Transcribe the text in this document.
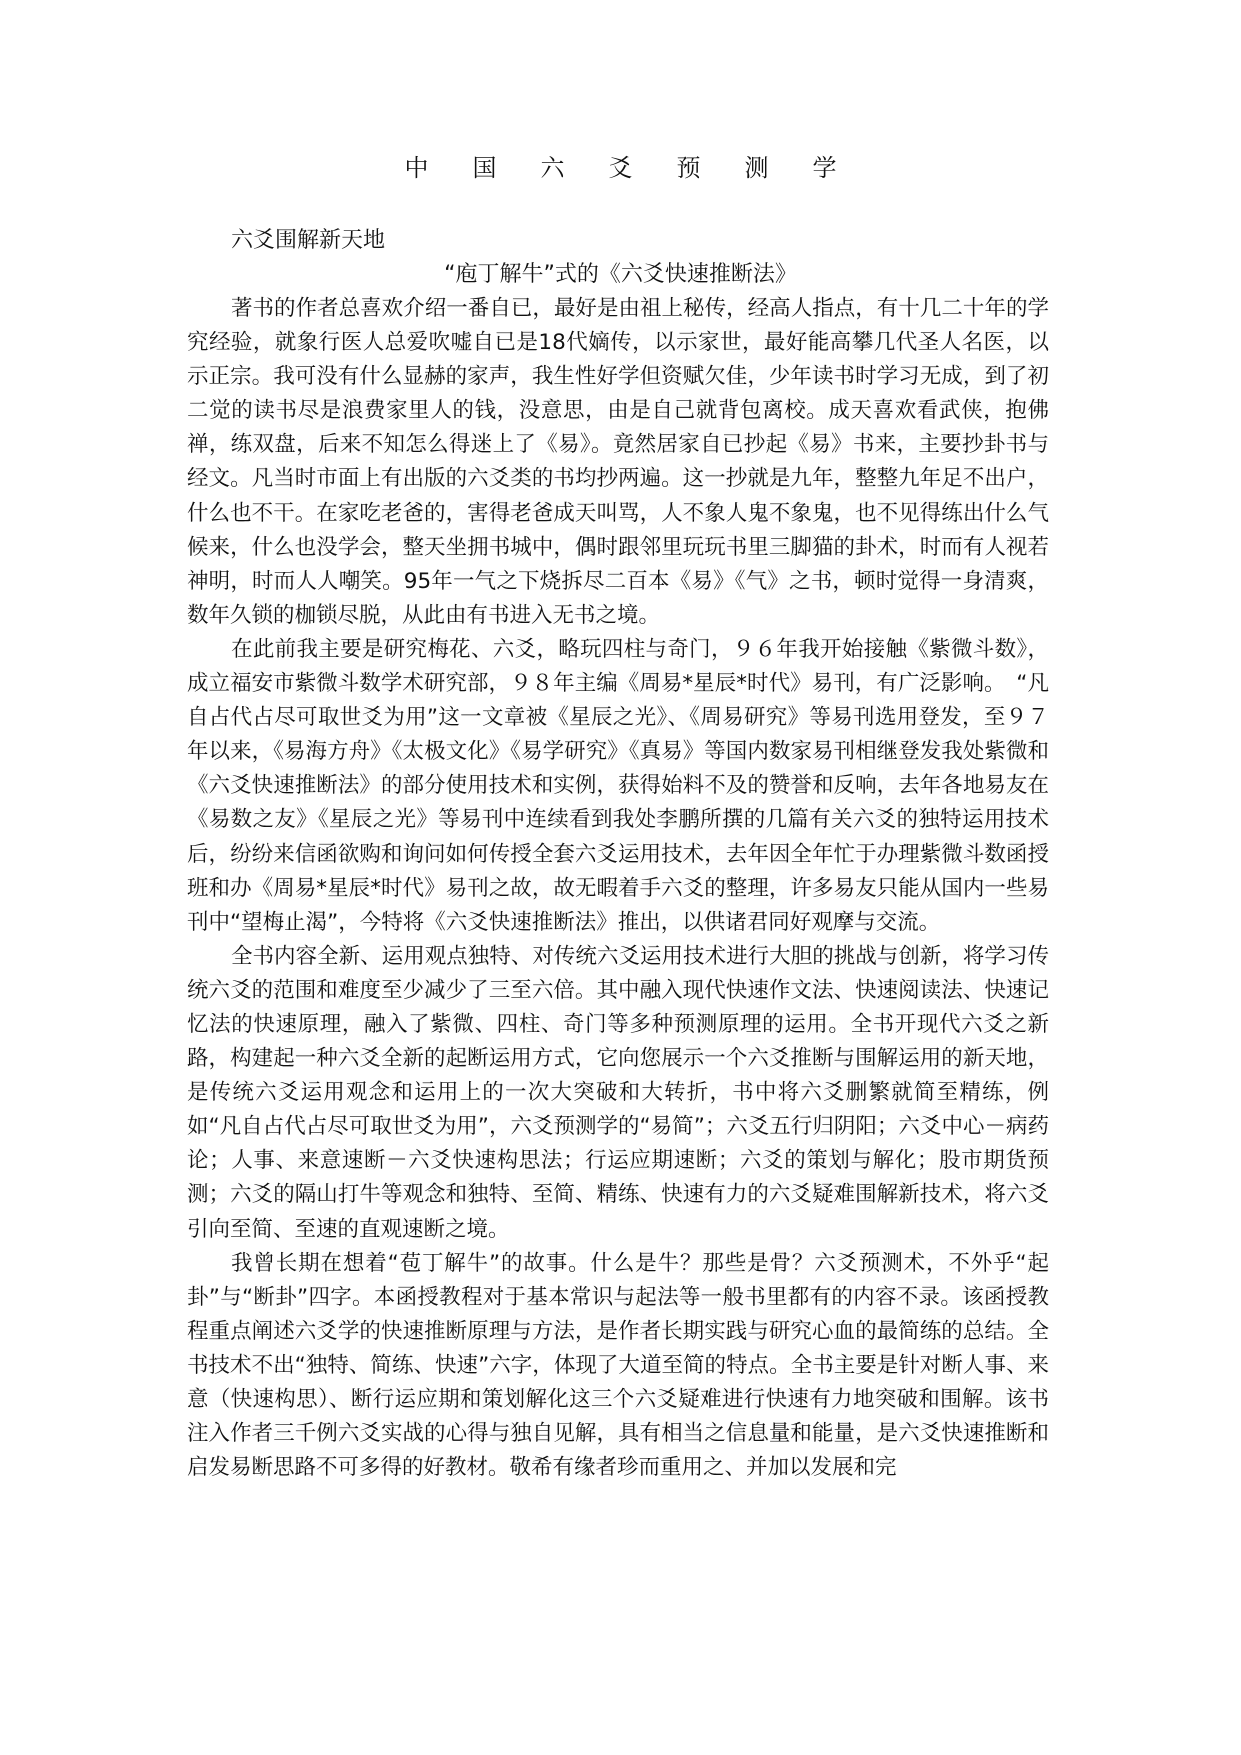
中国六爻预测学
六爻围解新天地
“庖丁解牛”式的《六爻快速推断法》

著书的作者总喜欢介绍一番自已，最好是由祖上秘传，经高人指点，有十几二十年的学究经验，就象行医人总爱吹嘘自已是18代嫡传，以示家世，最好能高攀几代圣人名医，以示正宗。我可没有什么显赫的家声，我生性好学但资赋欠佳，少年读书时学习无成，到了初二觉的读书尽是浪费家里人的钱，没意思，由是自己就背包离校。成天喜欢看武侠，抱佛禅，练双盘，后来不知怎么得迷上了《易》。竟然居家自已抄起《易》书来，主要抄卦书与经文。凡当时市面上有出版的六爻类的书均抄两遍。这一抄就是九年，整整九年足不出户，什么也不干。在家吃老爸的，害得老爸成天叫骂，人不象人鬼不象鬼，也不见得练出什么气候来，什么也没学会，整天坐拥书城中，偶时跟邻里玩玩书里三脚猫的卦术，时而有人视若神明，时而人人嘲笑。95年一气之下烧拆尽二百本《易》《气》之书，顿时觉得一身清爽，数年久锁的枷锁尽脱，从此由有书进入无书之境。

在此前我主要是研究梅花、六爻，略玩四柱与奇门，９６年我开始接触《紫微斗数》，成立福安市紫微斗数学术研究部，９８年主编《周易*星辰*时代》易刊，有广泛影响。　“凡自占代占尽可取世爻为用”这一文章被《星辰之光》、《周易研究》等易刊选用登发，至９７年以来，《易海方舟》《太极文化》《易学研究》《真易》等国内数家易刊相继登发我处紫微和《六爻快速推断法》的部分使用技术和实例，获得始料不及的赞誉和反响，去年各地易友在《易数之友》《星辰之光》等易刊中连续看到我处李鹏所撰的几篇有关六爻的独特运用技术后，纷纷来信函欲购和询问如何传授全套六爻运用技术，去年因全年忙于办理紫微斗数函授班和办《周易*星辰*时代》易刊之故，故无暇着手六爻的整理，许多易友只能从国内一些易刊中“望梅止渴”，今特将《六爻快速推断法》推出，以供诸君同好观摩与交流。

全书内容全新、运用观点独特、对传统六爻运用技术进行大胆的挑战与创新，将学习传统六爻的范围和难度至少减少了三至六倍。其中融入现代快速作文法、快速阅读法、快速记忆法的快速原理，融入了紫微、四柱、奇门等多种预测原理的运用。全书开现代六爻之新路，构建起一种六爻全新的起断运用方式，它向您展示一个六爻推断与围解运用的新天地，是传统六爻运用观念和运用上的一次大突破和大转折，书中将六爻删繁就简至精练，例如“凡自占代占尽可取世爻为用”，六爻预测学的“易简”；六爻五行归阴阳；六爻中心－病药论；人事、来意速断－六爻快速构思法；行运应期速断；六爻的策划与解化；股市期货预测；六爻的隔山打牛等观念和独特、至简、精练、快速有力的六爻疑难围解新技术，将六爻引向至简、至速的直观速断之境。

我曾长期在想着“苞丁解牛”的故事。什么是牛？那些是骨？六爻预测术，不外乎“起卦”与“断卦”四字。本函授教程对于基本常识与起法等一般书里都有的内容不录。该函授教程重点阐述六爻学的快速推断原理与方法，是作者长期实践与研究心血的最简练的总结。全书技术不出“独特、简练、快速”六字，体现了大道至简的特点。全书主要是针对断人事、来意（快速构思）、断行运应期和策划解化这三个六爻疑难进行快速有力地突破和围解。该书注入作者三千例六爻实战的心得与独自见解，具有相当之信息量和能量，是六爻快速推断和启发易断思路不可多得的好教材。敬希有缘者珍而重用之、并加以发展和完
